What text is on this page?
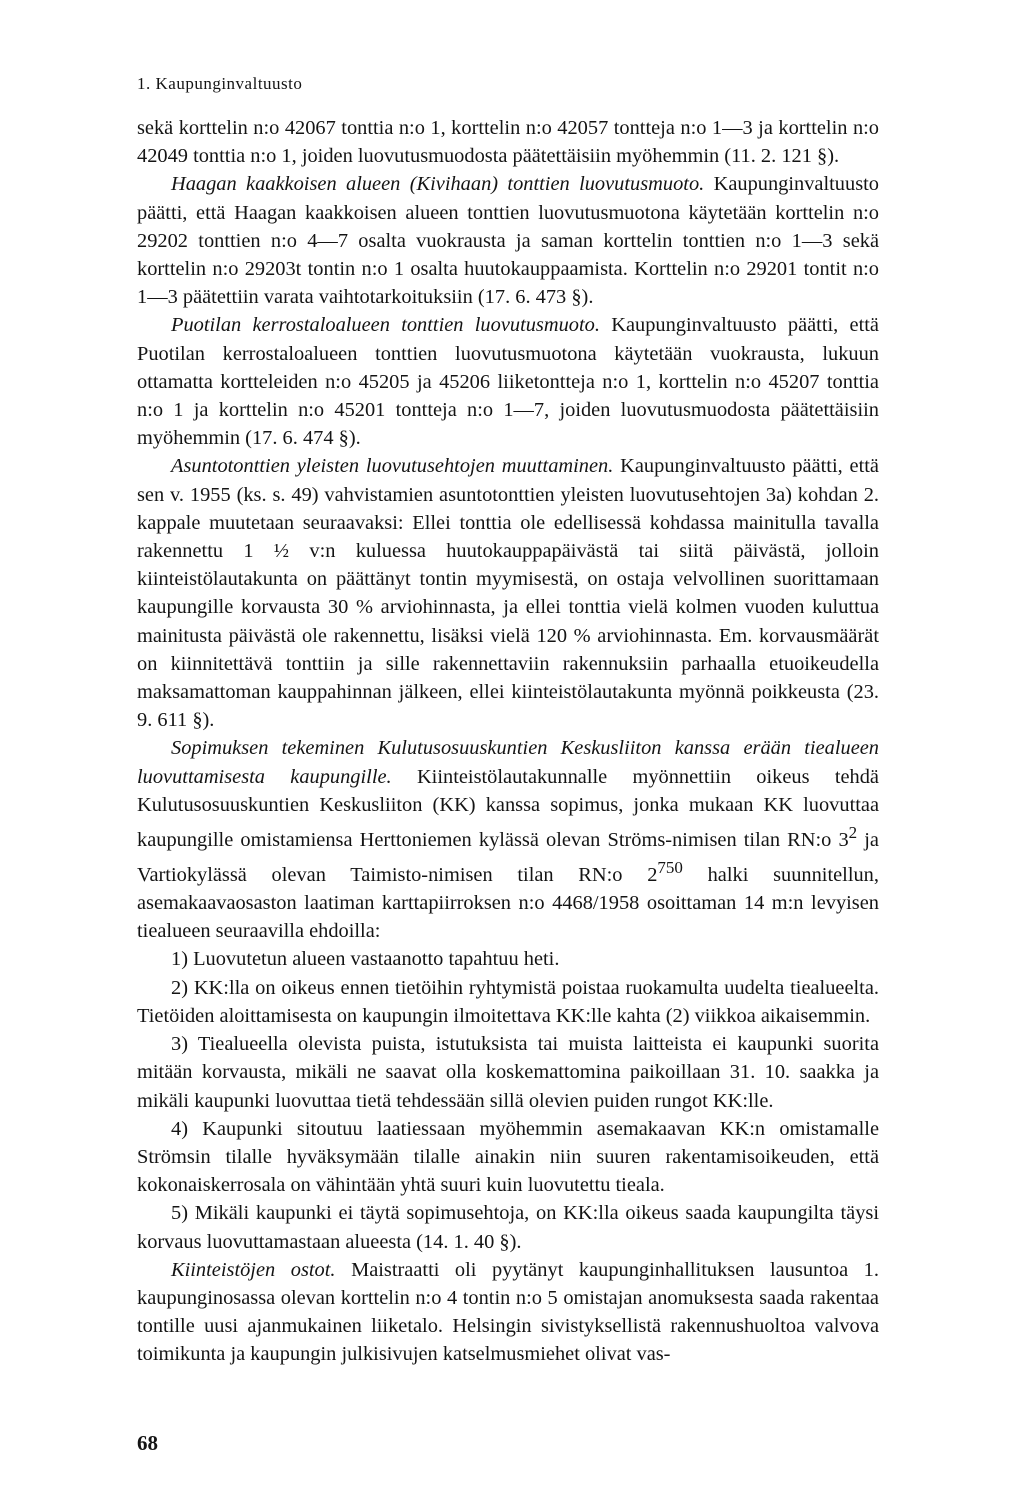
1. Kaupunginvaltuusto

sekä korttelin n:o 42067 tonttia n:o 1, korttelin n:o 42057 tontteja n:o 1—3 ja korttelin n:o 42049 tonttia n:o 1, joiden luovutusmuodosta päätettäisiin myöhemmin (11. 2. 121 §).

Haagan kaakkoisen alueen (Kivihaan) tonttien luovutusmuoto. Kaupunginvaltuusto päätti, että Haagan kaakkoisen alueen tonttien luovutusmuotona käytetään korttelin n:o 29202 tonttien n:o 4—7 osalta vuokrausta ja saman korttelin tonttien n:o 1—3 sekä korttelin n:o 29203t tontin n:o 1 osalta huutokauppaamista. Korttelin n:o 29201 tontit n:o 1—3 päätettiin varata vaihtotarkoituksiin (17. 6. 473 §).

Puotilan kerrostaloalueen tonttien luovutusmuoto. Kaupunginvaltuusto päätti, että Puotilan kerrostaloalueen tonttien luovutusmuotona käytetään vuokrausta, lukuun ottamatta kortteleiden n:o 45205 ja 45206 liiketontteja n:o 1, korttelin n:o 45207 tonttia n:o 1 ja korttelin n:o 45201 tontteja n:o 1—7, joiden luovutusmuodosta päätettäisiin myöhemmin (17. 6. 474 §).

Asuntotonttien yleisten luovutusehtojen muuttaminen. Kaupunginvaltuusto päätti, että sen v. 1955 (ks. s. 49) vahvistamien asuntotonttien yleisten luovutusehtojen 3a) kohdan 2. kappale muutetaan seuraavaksi: Ellei tonttia ole edellisessä kohdassa mainitulla tavalla rakennettu 1 ½ v:n kuluessa huutokauppapäivästä tai siitä päivästä, jolloin kiinteistölautakunta on päättänyt tontin myymisestä, on ostaja velvollinen suorittamaan kaupungille korvausta 30 % arviohinnasta, ja ellei tonttia vielä kolmen vuoden kuluttua mainitusta päivästä ole rakennettu, lisäksi vielä 120 % arviohinnasta. Em. korvausmäärät on kiinnitettävä tonttiin ja sille rakennettaviin rakennuksiin parhaalla etuoikeudella maksamattoman kauppahinnan jälkeen, ellei kiinteistölautakunta myönnä poikkeusta (23. 9. 611 §).

Sopimuksen tekeminen Kulutusosuuskuntien Keskusliiton kanssa erään tiealueen luovuttamisesta kaupungille. Kiinteistölautakunnalle myönnettiin oikeus tehdä Kulutusosuuskuntien Keskusliiton (KK) kanssa sopimus, jonka mukaan KK luovuttaa kaupungille omistamiensa Herttoniemen kylässä olevan Ströms-nimisen tilan RN:o $3^2$ ja Vartiokylässä olevan Taimisto-nimisen tilan RN:o $2^{750}$ halki suunnitellun, asemakaavaosaston laatiman karttapiirroksen n:o 4468/1958 osoittaman 14 m:n levyisen tiealueen seuraavilla ehdoilla:

1) Luovutetun alueen vastaanotto tapahtuu heti.

2) KK:lla on oikeus ennen tietöihin ryhtymistä poistaa ruokamulta uudelta tiealueelta. Tietöiden aloittamisesta on kaupungin ilmoitettava KK:lle kahta (2) viikkoa aikaisemmin.

3) Tiealueella olevista puista, istutuksista tai muista laitteista ei kaupunki suorita mitään korvausta, mikäli ne saavat olla koskemattomina paikoillaan 31. 10. saakka ja mikäli kaupunki luovuttaa tietä tehdessään sillä olevien puiden rungot KK:lle.

4) Kaupunki sitoutuu laatiessaan myöhemmin asemakaavan KK:n omistamalle Strömsin tilalle hyväksymään tilalle ainakin niin suuren rakentamisoikeuden, että kokonaiskerrosala on vähintään yhtä suuri kuin luovutettu tieala.

5) Mikäli kaupunki ei täytä sopimusehtoja, on KK:lla oikeus saada kaupungilta täysi korvaus luovuttamastaan alueesta (14. 1. 40 §).

Kiinteistöjen ostot. Maistraatti oli pyytänyt kaupunginhallituksen lausuntoa 1. kaupunginosassa olevan korttelin n:o 4 tontin n:o 5 omistajan anomuksesta saada rakentaa tontille uusi ajanmukainen liiketalo. Helsingin sivistyksellistä rakennushuoltoa valvova toimikunta ja kaupungin julkisivujen katselmusmiehet olivat vas-

68
